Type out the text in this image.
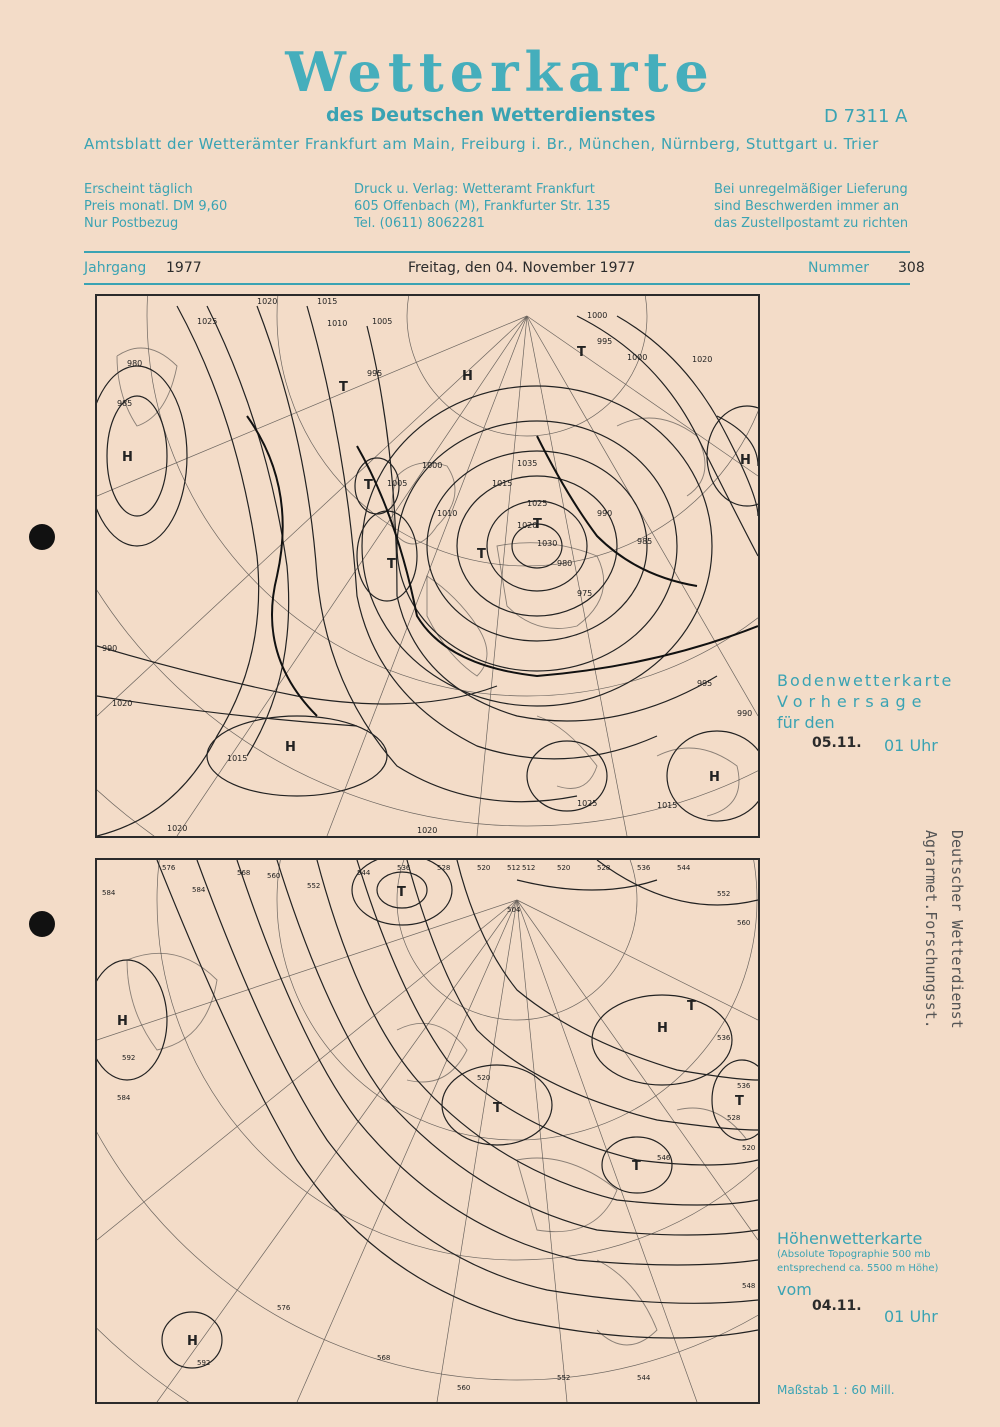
Wetterkarte
des Deutschen Wetterdienstes	D 7311 A
Amtsblatt der Wetterämter Frankfurt am Main, Freiburg i. Br., München, Nürnberg, Stuttgart u. Trier
Erscheint täglich
Preis monatl. DM 9,60
Nur Postbezug
Druck u. Verlag: Wetteramt Frankfurt
605 Offenbach (M), Frankfurter Str. 135
Tel. (0611) 8062281
Bei unregelmäßiger Lieferung
sind Beschwerden immer an
das Zustellpostamt zu richten
Jahrgang 1977	Freitag, den 04. November 1977	Nummer 308
1025
1020	1015
1010	1005
1000
995
1000
995
1000
1005
1010
1015
1020
1025
1030
1035
995
990
990
985
980
975
980
985
990
1015
1020
1025	1015
1020	1020
1020
H
H
H
H
H
T
T
T
T
T
T
Bodenwetterkarte
Vorhersage
für den
05.11. 01 Uhr
576
584
568 560
552
544
536	528	520 512
504
512	520	528	536	544
552
560
520
536
584
592
592
584
576
568
560
552	544
536
528
520
546
548
T
T
T
T
T
H
H
H
Höhenwetterkarte
(Absolute Topographie 500 mb
entsprechend ca. 5500 m Höhe)
vom
04.11.
01 Uhr
Maßstab 1 : 60 Mill.
Deutscher Wetterdienst
Agrarmet.Forschungsst.
